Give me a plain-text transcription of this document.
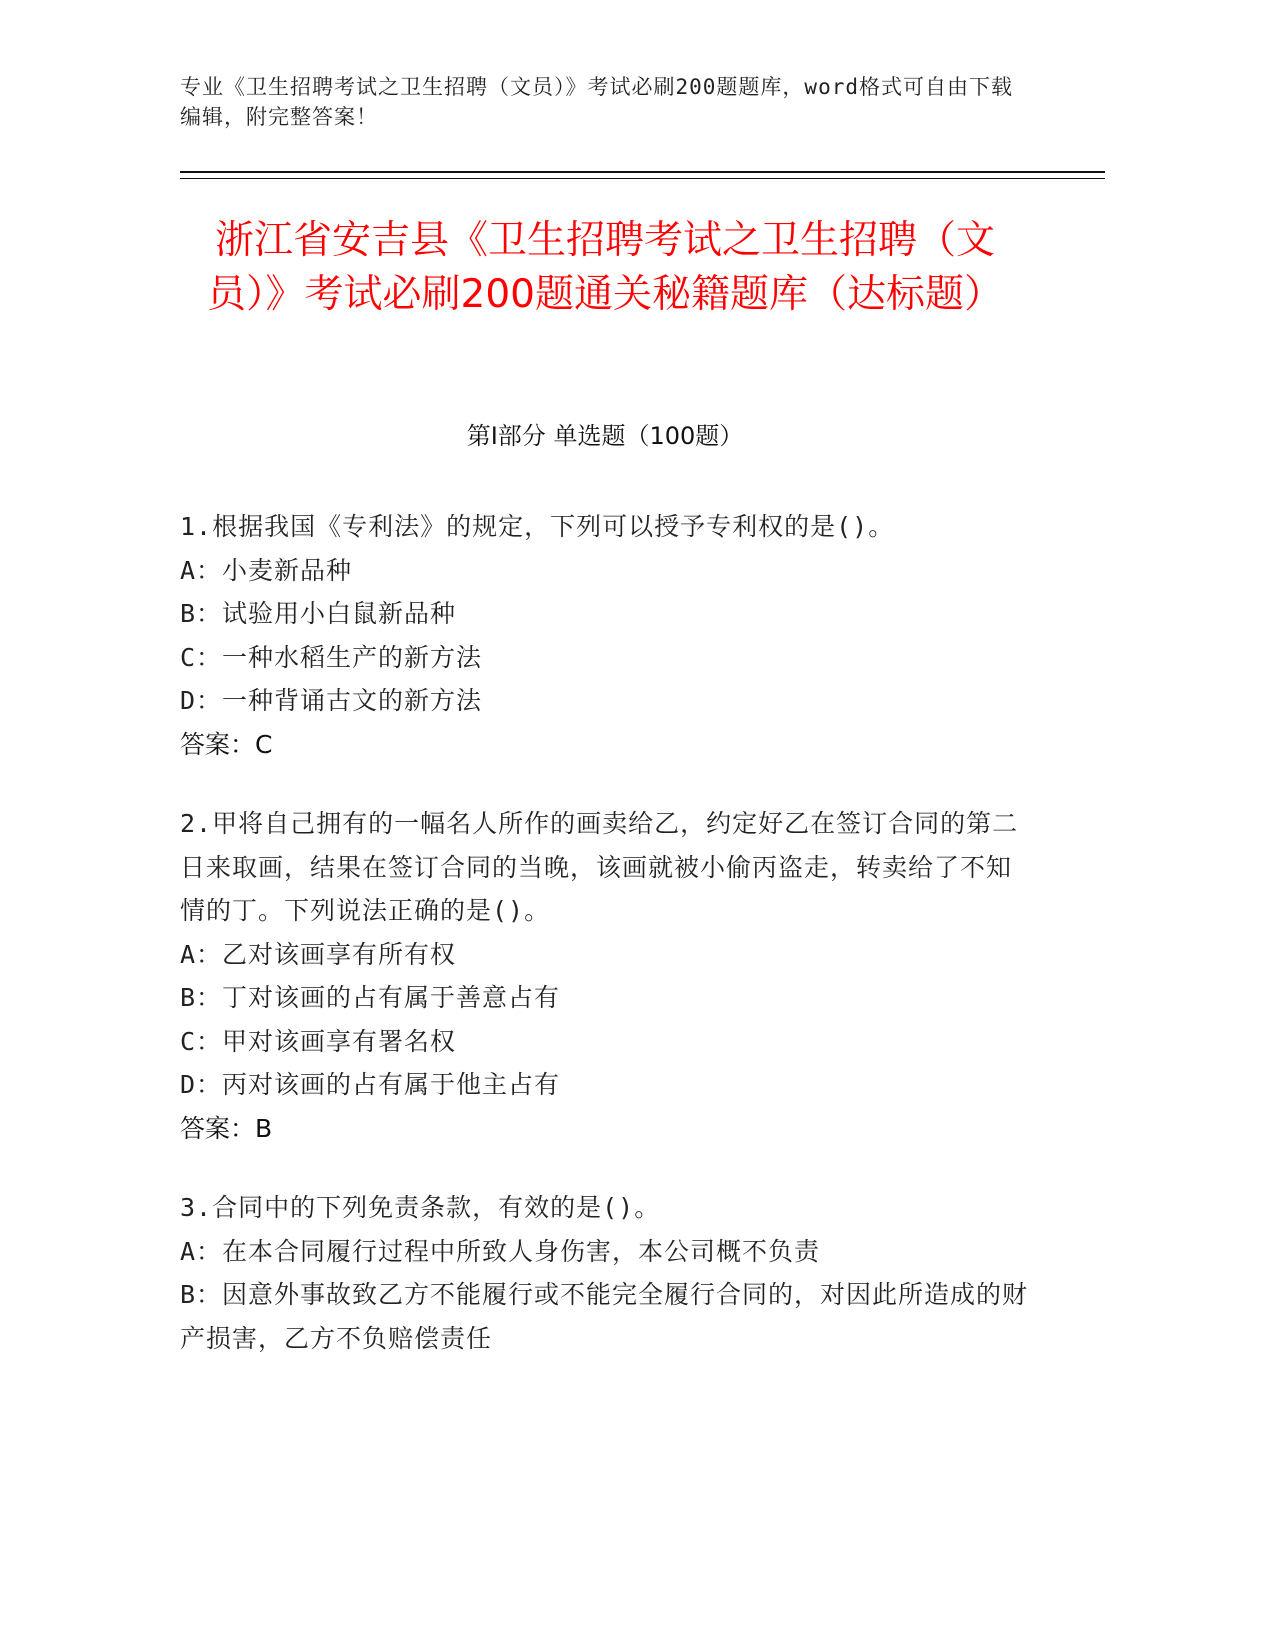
专业《卫生招聘考试之卫生招聘（文员）》考试必刷200题题库，word格式可自由下载编辑，附完整答案！
浙江省安吉县《卫生招聘考试之卫生招聘（文员）》考试必刷200题通关秘籍题库（达标题）
第Ⅰ部分 单选题（100题）
1.根据我国《专利法》的规定，下列可以授予专利权的是()。
A：小麦新品种
B：试验用小白鼠新品种
C：一种水稻生产的新方法
D：一种背诵古文的新方法
答案：C
2.甲将自己拥有的一幅名人所作的画卖给乙，约定好乙在签订合同的第二日来取画，结果在签订合同的当晚，该画就被小偷丙盗走，转卖给了不知情的丁。下列说法正确的是()。
A：乙对该画享有所有权
B：丁对该画的占有属于善意占有
C：甲对该画享有署名权
D：丙对该画的占有属于他主占有
答案：B
3.合同中的下列免责条款，有效的是()。
A：在本合同履行过程中所致人身伤害，本公司概不负责
B：因意外事故致乙方不能履行或不能完全履行合同的，对因此所造成的财产损害，乙方不负赔偿责任
